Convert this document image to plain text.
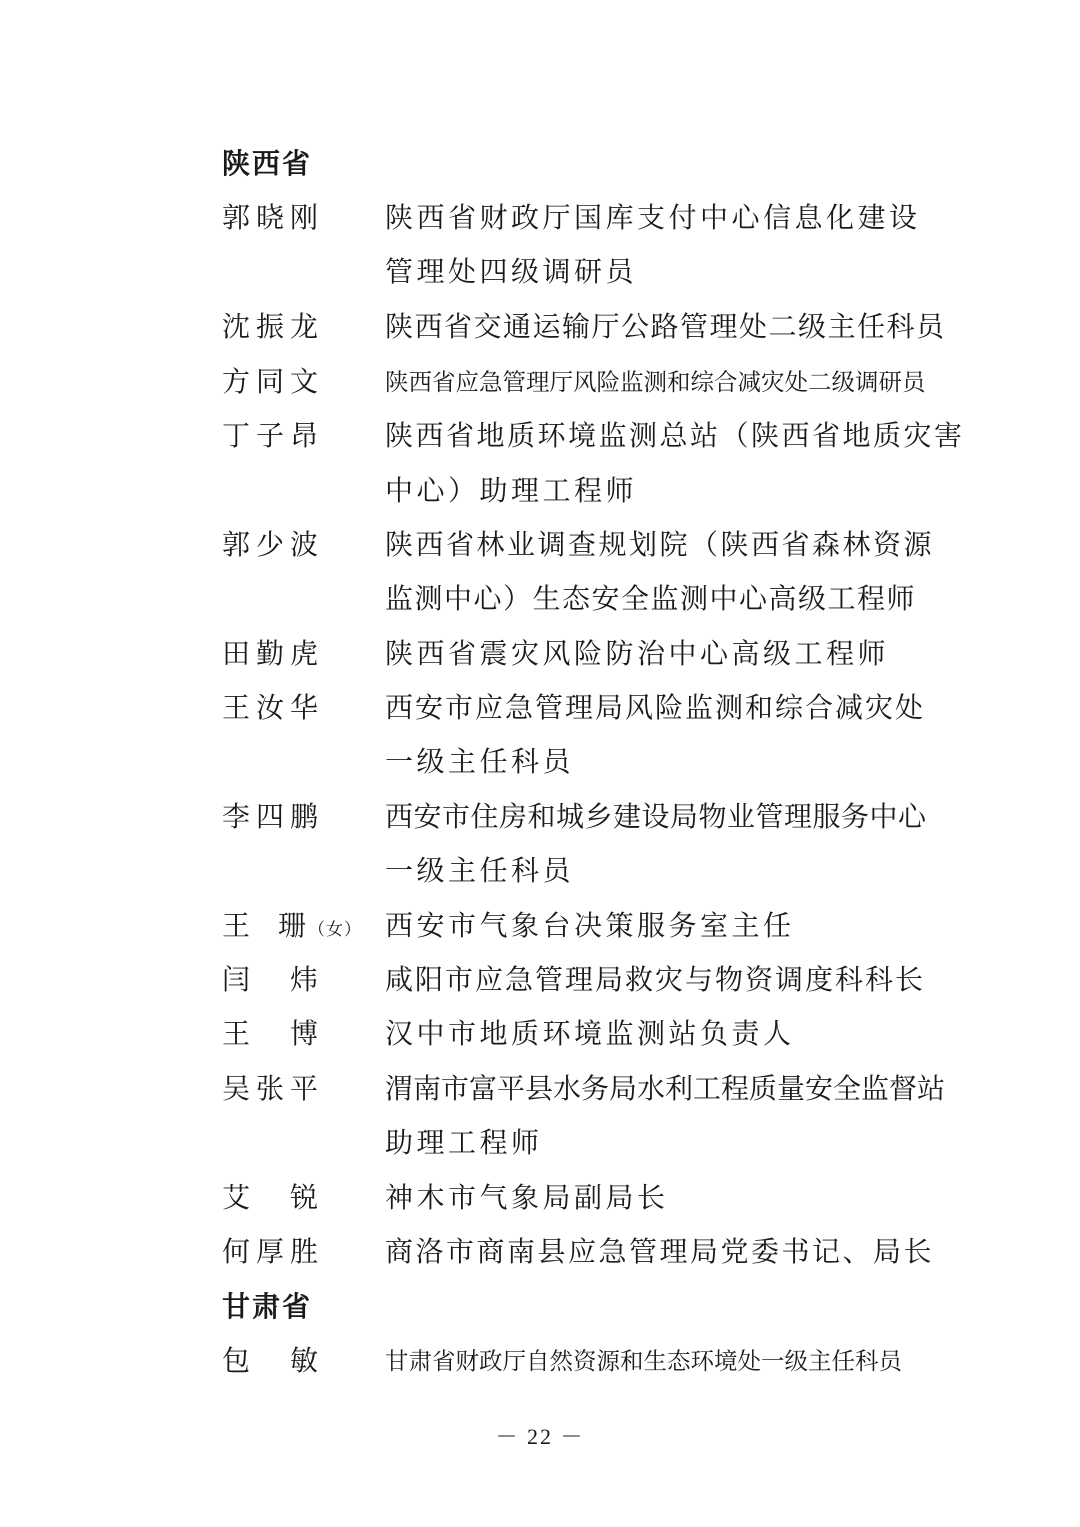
陕西省
郭晓刚 陕西省财政厅国库支付中心信息化建设
管理处四级调研员
沈振龙 陕西省交通运输厅公路管理处二级主任科员
方同文	陕西省应急管理厅风险监测和综合减灾处二级调研员
丁子昂 陕西省地质环境监测总站（陕西省地质灾害
中心）助理工程师
郭少波 陕西省林业调查规划院（陕西省森林资源
监测中心）生态安全监测中心高级工程师
田勤虎 陕西省震灾风险防治中心高级工程师
王汝华 西安市应急管理局风险监测和综合减灾处
一级主任科员
李四鹏 西安市住房和城乡建设局物业管理服务中心
一级主任科员
王　珊 （女） 西安市气象台决策服务室主任
闫　炜 咸阳市应急管理局救灾与物资调度科科长
王　博 汉中市地质环境监测站负责人
吴张平 渭南市富平县水务局水利工程质量安全监督站
助理工程师
艾　锐 神木市气象局副局长
何厚胜 商洛市商南县应急管理局党委书记、局长
甘肃省
包　敏	甘肃省财政厅自然资源和生态环境处一级主任科员
－ 22 －
